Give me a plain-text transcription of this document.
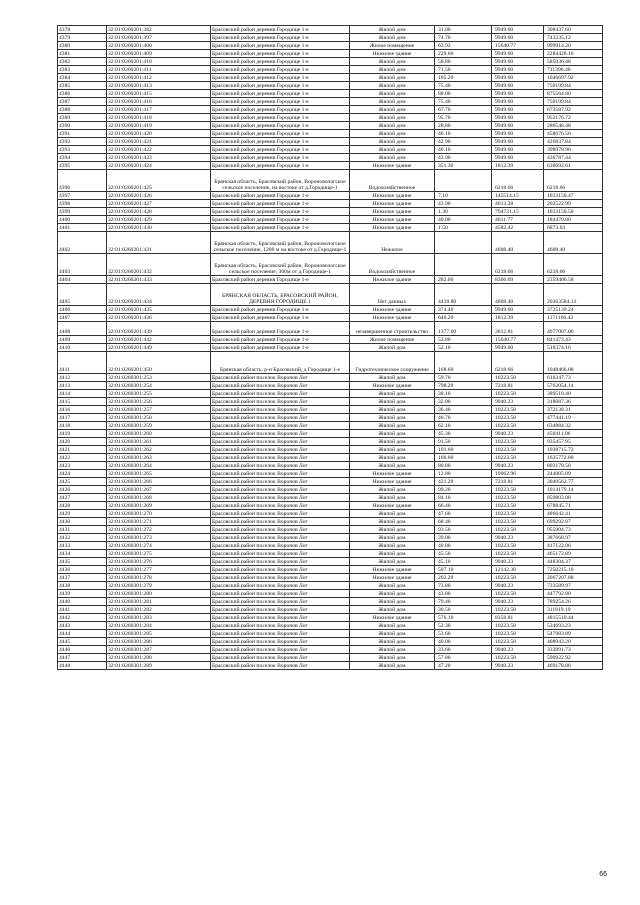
4378	32:01:0260201:382	Брасовский район деревня Городище 1-е	Жилой дом	31.00	9949.60	308437.60
4379	32:01:0260201:397	Брасовский район деревня Городище 1-е	Жилой дом	74.70	9949.60	743235.12
4380	32:01:0260201:400	Брасовский район деревня Городище 1-е	Жилое помещение	63.93	15640.77	999914.20
4381	32:01:0260201:409	Брасовский район деревня Городище 1-е	Нежилое здание	229.60	9949.60	2284428.16
4382	32:01:0260201:410	Брасовский район деревня Городище 1-е	Жилой дом	58.80	9949.60	585036.48
4383	32:01:0260201:411	Брасовский район деревня Городище 1-е	Жилой дом	71.50	9949.60	711396.40
4384	32:01:0260201:412	Брасовский район деревня Городище 1-е	Жилой дом	105.20	9949.60	1046697.92
4385	32:01:0260201:413	Брасовский район деревня Городище 1-е	Жилой дом	75.40	9949.60	750199.84
4386	32:01:0260201:415	Брасовский район деревня Городище 1-е	Жилой дом	88.00	9949.60	875564.80
4387	32:01:0260201:416	Брасовский район деревня Городище 1-е	Жилой дом	75.40	9949.60	750199.84
4388	32:01:0260201:417	Брасовский район деревня Городище 1-е	Жилой дом	67.70	9949.60	673587.92
4389	32:01:0260201:418	Брасовский район деревня Городище 1-е	Жилой дом	95.70	9949.60	952176.72
4390	32:01:0260201:419	Брасовский район деревня Городище 1-е	Жилой дом	28.80	9949.60	286548.48
4391	32:01:0260201:420	Брасовский район деревня Городище 1-е	Жилой дом	46.10	9949.60	458676.56
4392	32:01:0260201:421	Брасовский район деревня Городище 1-е	Жилой дом	42.90	9949.60	426837.84
4393	32:01:0260201:422	Брасовский район деревня Городище 1-е	Жилой дом	40.10	9949.60	398978.96
4394	32:01:0260201:423	Брасовский район деревня Городище 1-е	Жилой дом	43.90	9949.60	436787.44
4395	32:01:0260201:424	Брасовский район деревня Городище 1-е	Нежилое здание	351.30	1812.39	636692.61
4396	32:01:0260201:425	Брянская область, Брасовский район, Вороновологское сельское поселение, на востоке от д.Городище-1	Водохозяйственное		6218.66	6218.66
4397	32:01:0260201:426	Брасовский район деревня Городище 1-е	Нежилое здание	7.10	145514.15	1033150.47
4398	32:01:0260201:427	Брасовский район деревня Городище 1-е	Нежилое здание	43.90	4613.28	202522.99
4399	32:01:0260201:428	Брасовский район деревня Городище 1-е	Нежилое здание	1.30	794731.15	1033150.50
4400	32:01:0260201:429	Брасовский район деревня Городище 1-е	Нежилое здание	40.00	4611.77	184470.80
4401	32:01:0260201:430	Брасовский район деревня Городище 1-е	Нежилое здание	1.50	4582.42	6873.63
4402	32:01:0260201:431	Брянская область, Брасовский район, Вороновологское сельское поселение, 1200 м на востоке от д.Городище-1	Нежилое		4608.40	4608.40
4403	32:01:0260201:432	Брянская область, Брасовский район, Вороновологское сельское поселение, 300м от д.Городище-1	Водохозяйственное		6218.66	6218.66
4404	32:01:0260201:433	Брасовский район деревня Городище 1-е	Нежилое здание	282.00	8366.69	2359406.58
4405	32:01:0260201:434	БРЯНСКАЯ ОБЛАСТЬ, БРАСОВСКИЙ РАЙОН, ДЕРЕВНЯ ГОРОДИЩЕ 1	Нет данных	4418.80	4608.40	20363584.13
4406	32:01:0260201:435	Брасовский район деревня Городище 1-е	Нежилое здание	374.40	9949.60	3725139.24
4407	32:01:0260201:436	Брасовский район деревня Городище 1-е	Нежилое здание	646.20	1812.39	1171166.42
4408	32:01:0260201:439	Брасовский район деревня Городище 1-е	незавершенное строительство	1377.60	3612.81	4977007.06
4409	32:01:0260201:442	Брасовский район деревня Городище 1-е	Жилое помещение	53.80	15640.77	841473.43
4410	32:01:0260201:449	Брасовский район деревня Городище 1-е	Жилой дом	52.10	9949.60	518374.16
4411	32:01:0260201:450	Брянская область, р-н Брасовский, д Городище 1-е	Гидротехническое сооружение	168.60	6218.66	1048466.08
4412	32:01:0260301:253	Брасовский район поселок Воронов Лог	Жилой дом	59.70	10223.58	610347.73
4413	32:01:0260301:254	Брасовский район поселок Воронов Лог	Нежилое здание	798.20	7218.81	5762054.14
4414	32:01:0260301:255	Брасовский район поселок Воронов Лог	Жилой дом	38.10	10223.58	389518.40
4415	32:01:0260301:256	Брасовский район поселок Воронов Лог	Жилой дом	32.00	9940.23	318087.36
4416	32:01:0260301:257	Брасовский район поселок Воронов Лог	Жилой дом	36.40	10223.58	372138.31
4417	32:01:0260301:258	Брасовский район поселок Воронов Лог	Жилой дом	46.70	10223.58	477441.19
4418	32:01:0260301:259	Брасовский район поселок Воронов Лог	Жилой дом	62.10	10223.58	634884.32
4419	32:01:0260301:260	Брасовский район поселок Воронов Лог	Жилой дом	45.30	9940.23	450411.06
4420	32:01:0260301:261	Брасовский район поселок Воронов Лог	Жилой дом	91.50	10223.58	935457.95
4421	32:01:0260301:262	Брасовский район поселок Воронов Лог	Жилой дом	101.60	10223.58	1038715.73
4422	32:01:0260301:263	Брасовский район поселок Воронов Лог	Жилой дом	160.00	10223.58	1635772.80
4423	32:01:0260301:264	Брасовский район поселок Воронов Лог	Жилой дом	80.80	9940.23	803170.58
4424	32:01:0260301:265	Брасовский район поселок Воронов Лог	Нежилое здание	12.80	19062.96	244005.89
4425	32:01:0260301:266	Брасовский район поселок Воронов Лог	Нежилое здание	421.20	7218.81	3040562.77
4426	32:01:0260301:267	Брасовский район поселок Воронов Лог	Жилой дом	99.20	10223.58	1014179.14
4427	32:01:0260301:268	Брасовский район поселок Воронов Лог	Жилой дом	84.10	10223.58	859803.08
4428	32:01:0260301:269	Брасовский район поселок Воронов Лог	Нежилое здание	66.40	10223.58	678845.71
4429	32:01:0260301:270	Брасовский район поселок Воронов Лог	Жилой дом	47.60	10223.58	486642.41
4430	32:01:0260301:271	Брасовский район поселок Воронов Лог	Жилой дом	68.40	10223.58	699292.87
4431	32:01:0260301:272	Брасовский район поселок Воронов Лог	Жилой дом	93.50	10223.58	955904.73
4432	32:01:0260301:273	Брасовский район поселок Воронов Лог	Жилой дом	39.00	9940.23	387668.97
4433	32:01:0260301:274	Брасовский район поселок Воронов Лог	Жилой дом	40.80	10223.58	417122.06
4434	32:01:0260301:275	Брасовский район поселок Воронов Лог	Жилой дом	45.50	10223.58	465172.89
4435	32:01:0260301:276	Брасовский район поселок Воронов Лог	Жилой дом	45.10	9940.23	448304.37
4436	32:01:0260301:277	Брасовский район поселок Воронов Лог	Нежилое здание	597.10	12142.38	7250215.10
4437	32:01:0260301:278	Брасовский район поселок Воронов Лог	Нежилое здание	202.20	10223.58	2067207.88
4438	32:01:0260301:279	Брасовский район поселок Воронов Лог	Жилой дом	73.80	9940.23	733589.97
4439	32:01:0260301:280	Брасовский район поселок Воронов Лог	Жилой дом	43.80	10223.58	447792.80
4440	32:01:0260301:281	Брасовский район поселок Воронов Лог	Жилой дом	79.40	9940.23	789254.26
4441	32:01:0260301:282	Брасовский район поселок Воронов Лог	Жилой дом	30.50	10223.58	311819.19
4442	32:01:0260301:283	Брасовский район поселок Воронов Лог	Нежилое здание	576.10	8358.81	4815510.44
4443	32:01:0260301:284	Брасовский район поселок Воронов Лог	Жилой дом	52.30	10223.58	534693.23
4444	32:01:0260301:285	Брасовский район поселок Воронов Лог	Жилой дом	53.60	10223.58	547983.89
4445	32:01:0260301:286	Брасовский район поселок Воронов Лог	Жилой дом	40.00	10223.58	408943.20
4446	32:01:0260301:287	Брасовский район поселок Воронов Лог	Жилой дом	33.60	9940.23	333991.73
4447	32:01:0260301:288	Брасовский район поселок Воронов Лог	Жилой дом	57.80	10223.58	590922.92
4448	32:01:0260301:289	Брасовский район поселок Воронов Лог	Жилой дом	47.20	9940.23	469178.86
66
